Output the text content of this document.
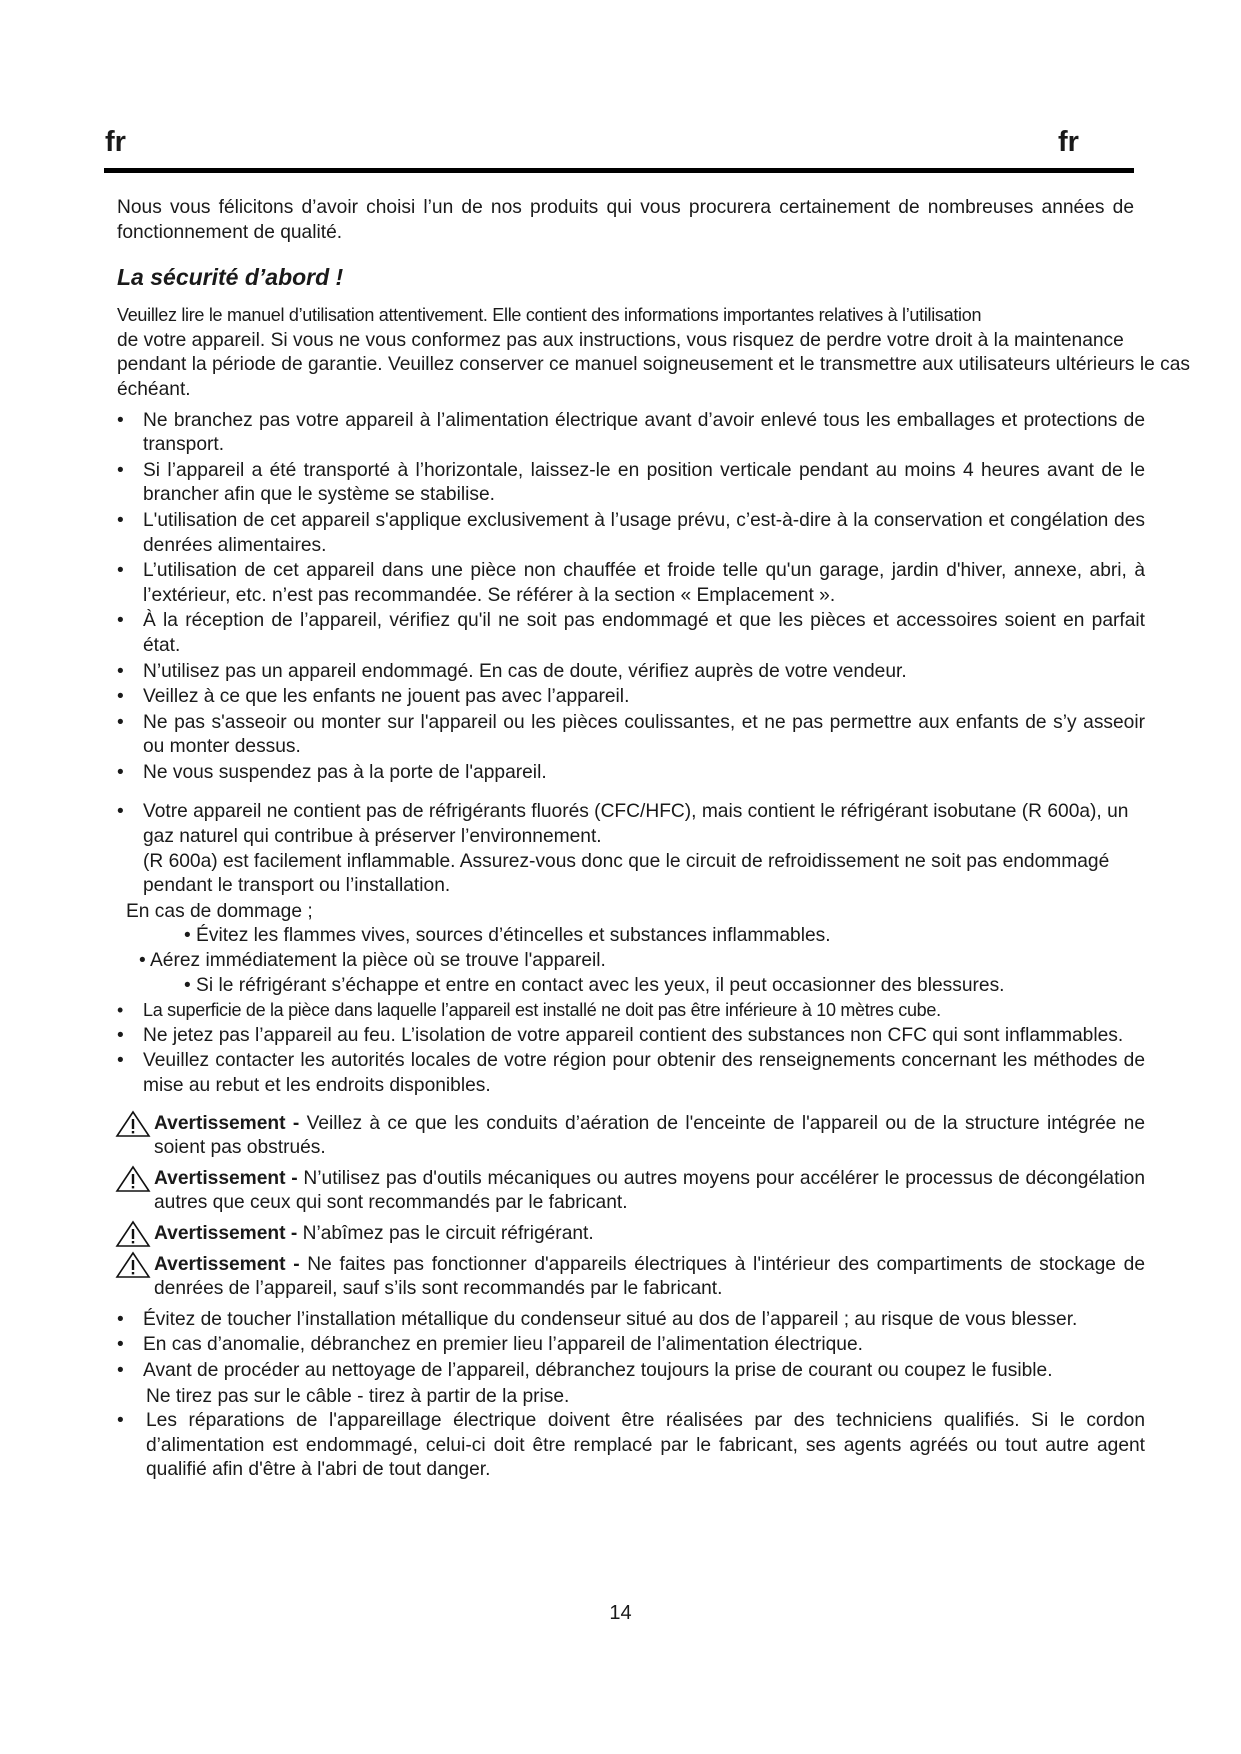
fr	fr

Nous vous félicitons d’avoir choisi l’un de nos produits qui vous procurera certainement de nombreuses années de fonctionnement de qualité.

La sécurité d’abord !

Veuillez lire le manuel d’utilisation attentivement. Elle contient des informations importantes relatives à l’utilisation
de votre appareil. Si vous ne vous conformez pas aux instructions, vous risquez de perdre votre droit à la maintenance pendant la période de garantie. Veuillez conserver ce manuel soigneusement et le transmettre aux utilisateurs ultérieurs le cas échéant.

• Ne branchez pas votre appareil à l’alimentation électrique avant d’avoir enlevé tous les emballages et protections de transport.
• Si l’appareil a été transporté à l’horizontale, laissez-le en position verticale pendant au moins 4 heures avant de le brancher afin que le système se stabilise.
• L'utilisation de cet appareil s'applique exclusivement à l’usage prévu, c’est-à-dire à la conservation et congélation des denrées alimentaires.
• L’utilisation de cet appareil dans une pièce non chauffée et froide telle qu'un garage, jardin d'hiver, annexe, abri, à l’extérieur, etc. n’est pas recommandée. Se référer à la section « Emplacement ».
• À la réception de l’appareil, vérifiez qu'il ne soit pas endommagé et que les pièces et accessoires soient en parfait état.
• N’utilisez pas un appareil endommagé. En cas de doute, vérifiez auprès de votre vendeur.
• Veillez à ce que les enfants ne jouent pas avec l’appareil.
• Ne pas s'asseoir ou monter sur l'appareil ou les pièces coulissantes, et ne pas permettre aux enfants de s’y asseoir ou monter dessus.
• Ne vous suspendez pas à la porte de l'appareil.
• Votre appareil ne contient pas de réfrigérants fluorés (CFC/HFC), mais contient le réfrigérant isobutane (R 600a), un gaz naturel qui contribue à préserver l’environnement.
(R 600a) est facilement inflammable. Assurez-vous donc que le circuit de refroidissement ne soit pas endommagé pendant le transport ou l’installation.

En cas de dommage ;

• Évitez les flammes vives, sources d’étincelles et substances inflammables.

• Aérez immédiatement la pièce où se trouve l'appareil.

• Si le réfrigérant s’échappe et entre en contact avec les yeux, il peut occasionner des blessures.

• La superficie de la pièce dans laquelle l’appareil est installé ne doit pas être inférieure à 10 mètres cube.
• Ne jetez pas l’appareil au feu. L’isolation de votre appareil contient des substances non CFC qui sont inflammables.
• Veuillez contacter les autorités locales de votre région pour obtenir des renseignements concernant les méthodes de mise au rebut et les endroits disponibles.
Avertissement - Veillez à ce que les conduits d’aération de l'enceinte de l'appareil ou de la structure intégrée ne soient pas obstrués.
Avertissement - N’utilisez pas d'outils mécaniques ou autres moyens pour accélérer le processus de décongélation autres que ceux qui sont recommandés par le fabricant.
Avertissement - N’abîmez pas le circuit réfrigérant.
Avertissement - Ne faites pas fonctionner d'appareils électriques à l'intérieur des compartiments de stockage de denrées de l’appareil, sauf s’ils sont recommandés par le fabricant.
• Évitez de toucher l’installation métallique du condenseur situé au dos de l’appareil ; au risque de vous blesser.
• En cas d’anomalie, débranchez en premier lieu l’appareil de l’alimentation électrique.
• Avant de procéder au nettoyage de l’appareil, débranchez toujours la prise de courant ou coupez le fusible.

Ne tirez pas sur le câble - tirez à partir de la prise.

• Les réparations de l'appareillage électrique doivent être réalisées par des techniciens qualifiés. Si le cordon d’alimentation est endommagé, celui-ci doit être remplacé par le fabricant, ses agents agréés ou tout autre agent qualifié afin d'être à l'abri de tout danger.
14
